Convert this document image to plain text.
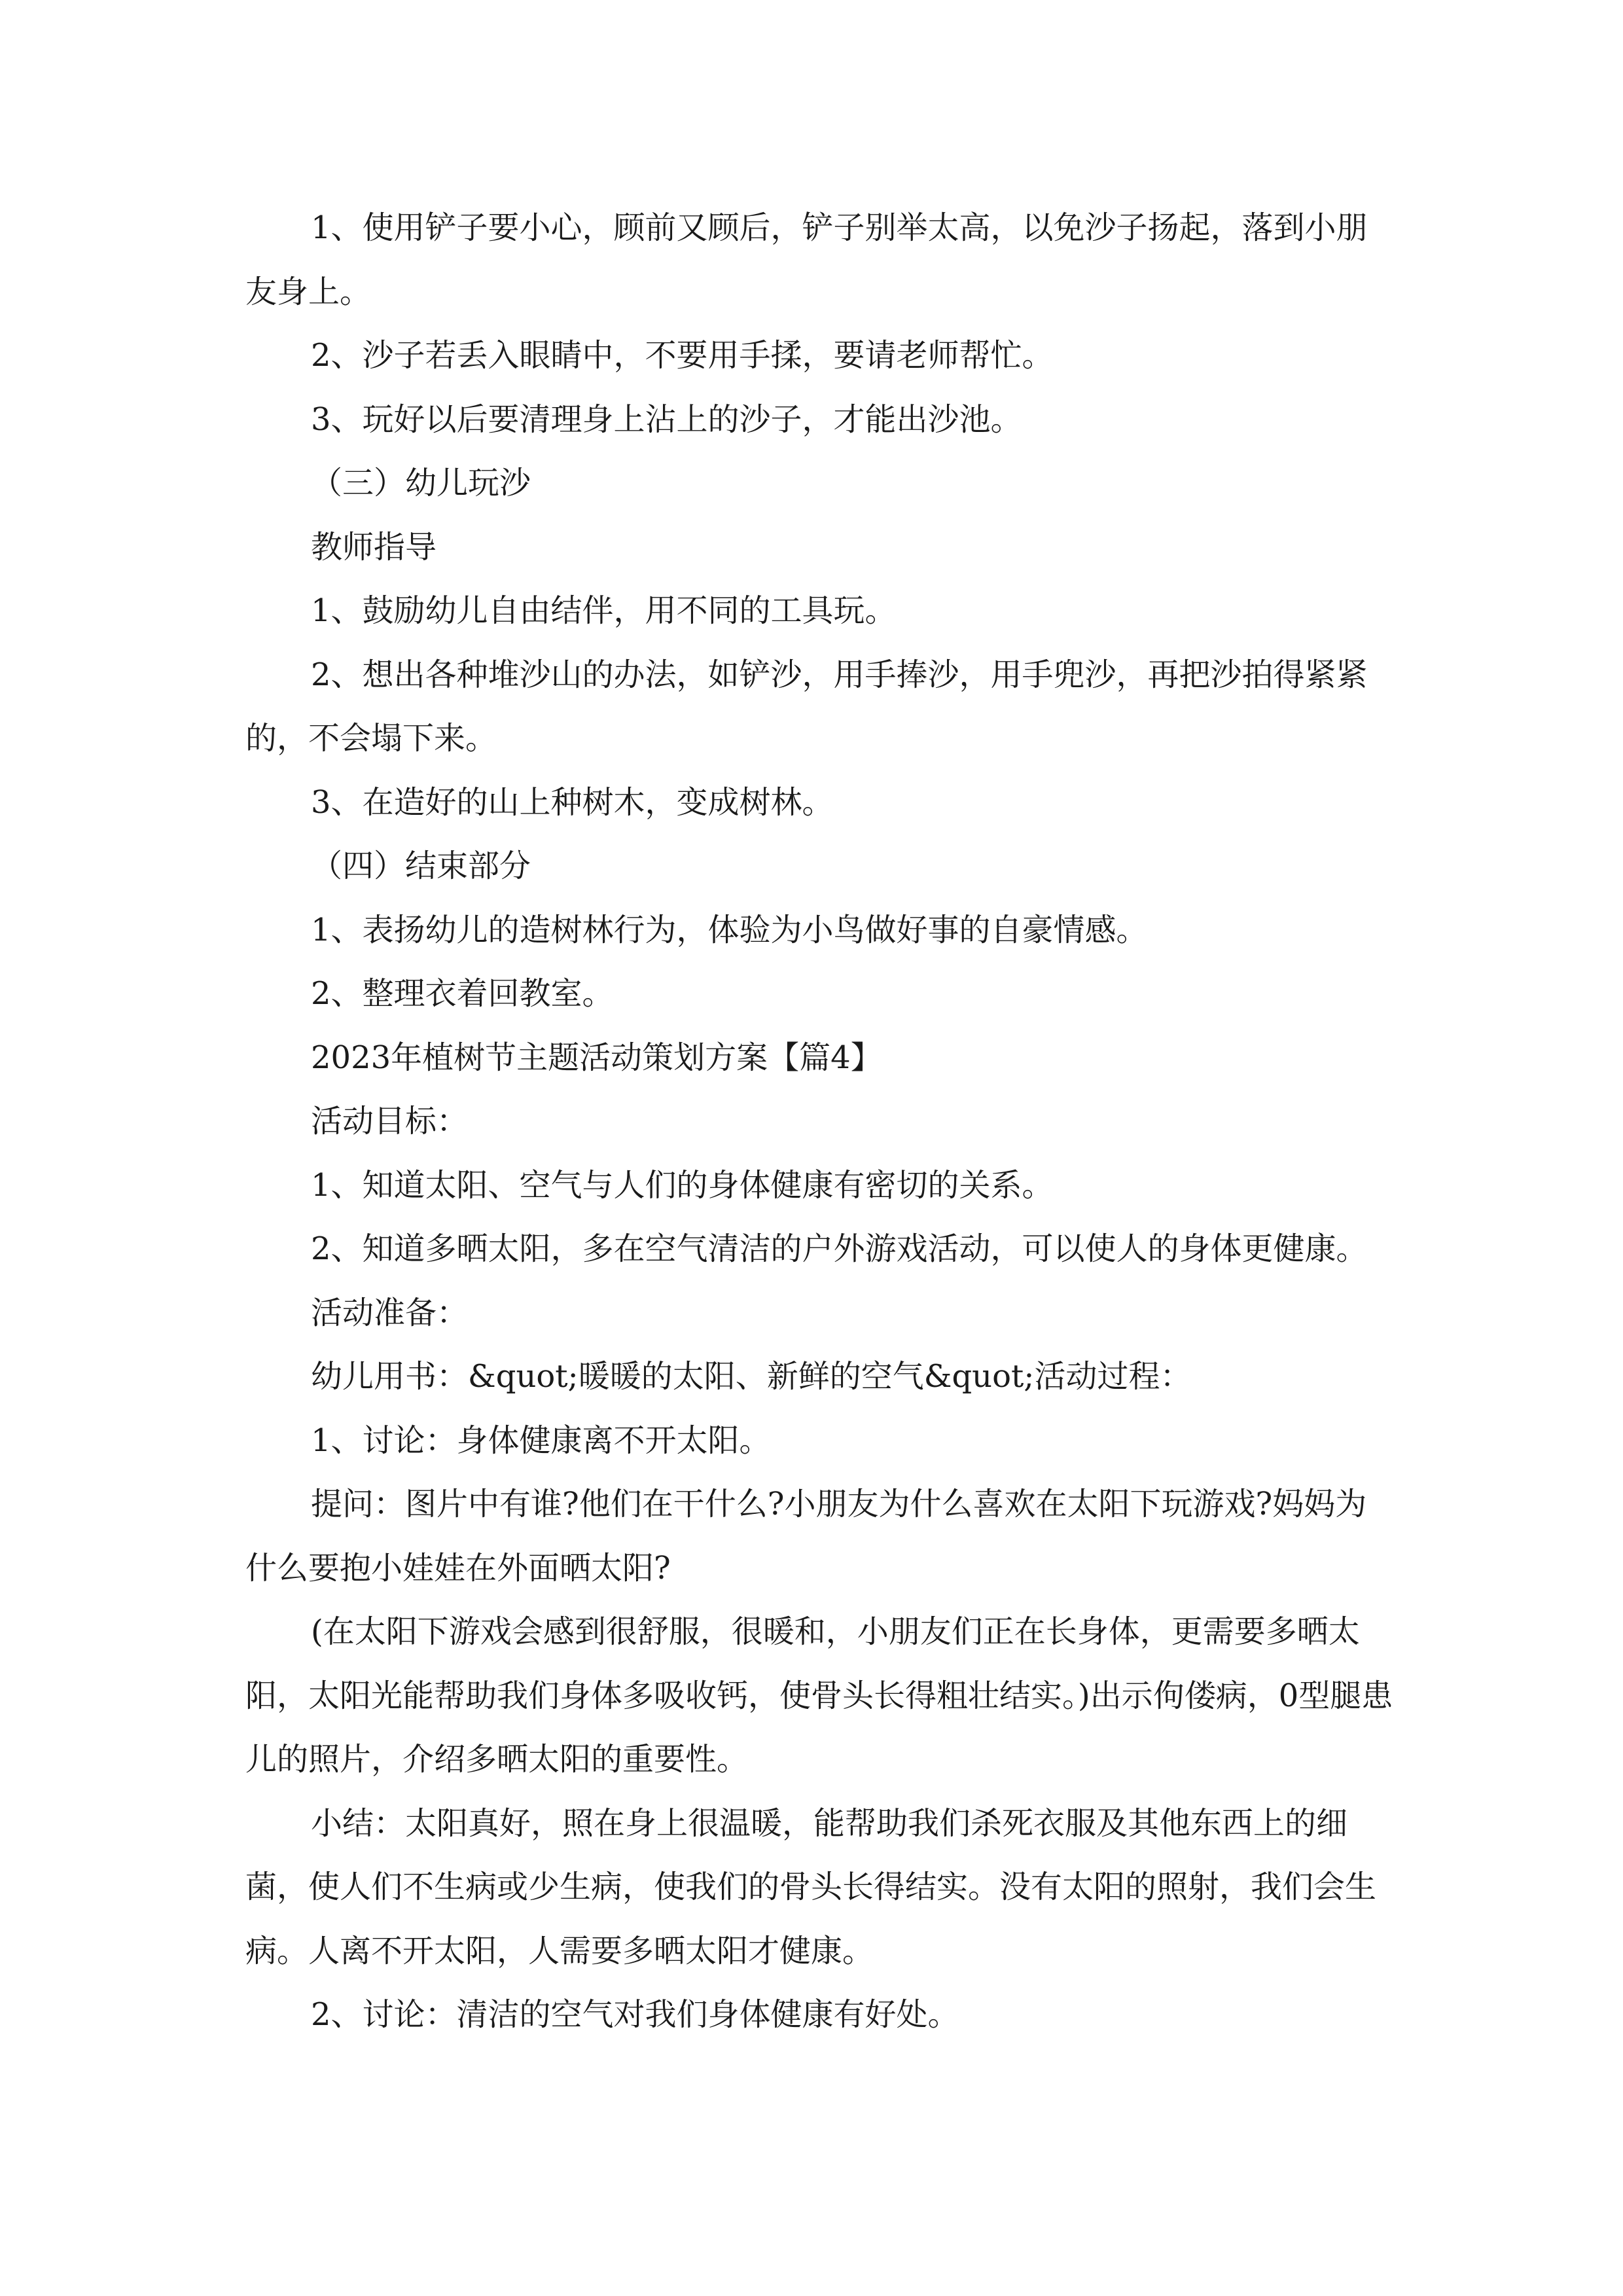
1、使用铲子要小心，顾前又顾后，铲子别举太高，以免沙子扬起，落到小朋友身上。

2、沙子若丢入眼睛中，不要用手揉，要请老师帮忙。

3、玩好以后要清理身上沾上的沙子，才能出沙池。

（三）幼儿玩沙

教师指导

1、鼓励幼儿自由结伴，用不同的工具玩。

2、想出各种堆沙山的办法，如铲沙，用手捧沙，用手兜沙，再把沙拍得紧紧的，不会塌下来。

3、在造好的山上种树木，变成树林。

（四）结束部分

1、表扬幼儿的造树林行为，体验为小鸟做好事的自豪情感。

2、整理衣着回教室。

2023年植树节主题活动策划方案【篇4】

活动目标：

1、知道太阳、空气与人们的身体健康有密切的关系。

2、知道多晒太阳，多在空气清洁的户外游戏活动，可以使人的身体更健康。

活动准备：

幼儿用书：&quot;暖暖的太阳、新鲜的空气&quot;活动过程：

1、讨论：身体健康离不开太阳。

提问：图片中有谁?他们在干什么?小朋友为什么喜欢在太阳下玩游戏?妈妈为什么要抱小娃娃在外面晒太阳?

(在太阳下游戏会感到很舒服，很暖和，小朋友们正在长身体，更需要多晒太阳，太阳光能帮助我们身体多吸收钙，使骨头长得粗壮结实。)出示佝偻病，0型腿患儿的照片，介绍多晒太阳的重要性。

小结：太阳真好，照在身上很温暖，能帮助我们杀死衣服及其他东西上的细菌，使人们不生病或少生病，使我们的骨头长得结实。没有太阳的照射，我们会生病。人离不开太阳，人需要多晒太阳才健康。

2、讨论：清洁的空气对我们身体健康有好处。
